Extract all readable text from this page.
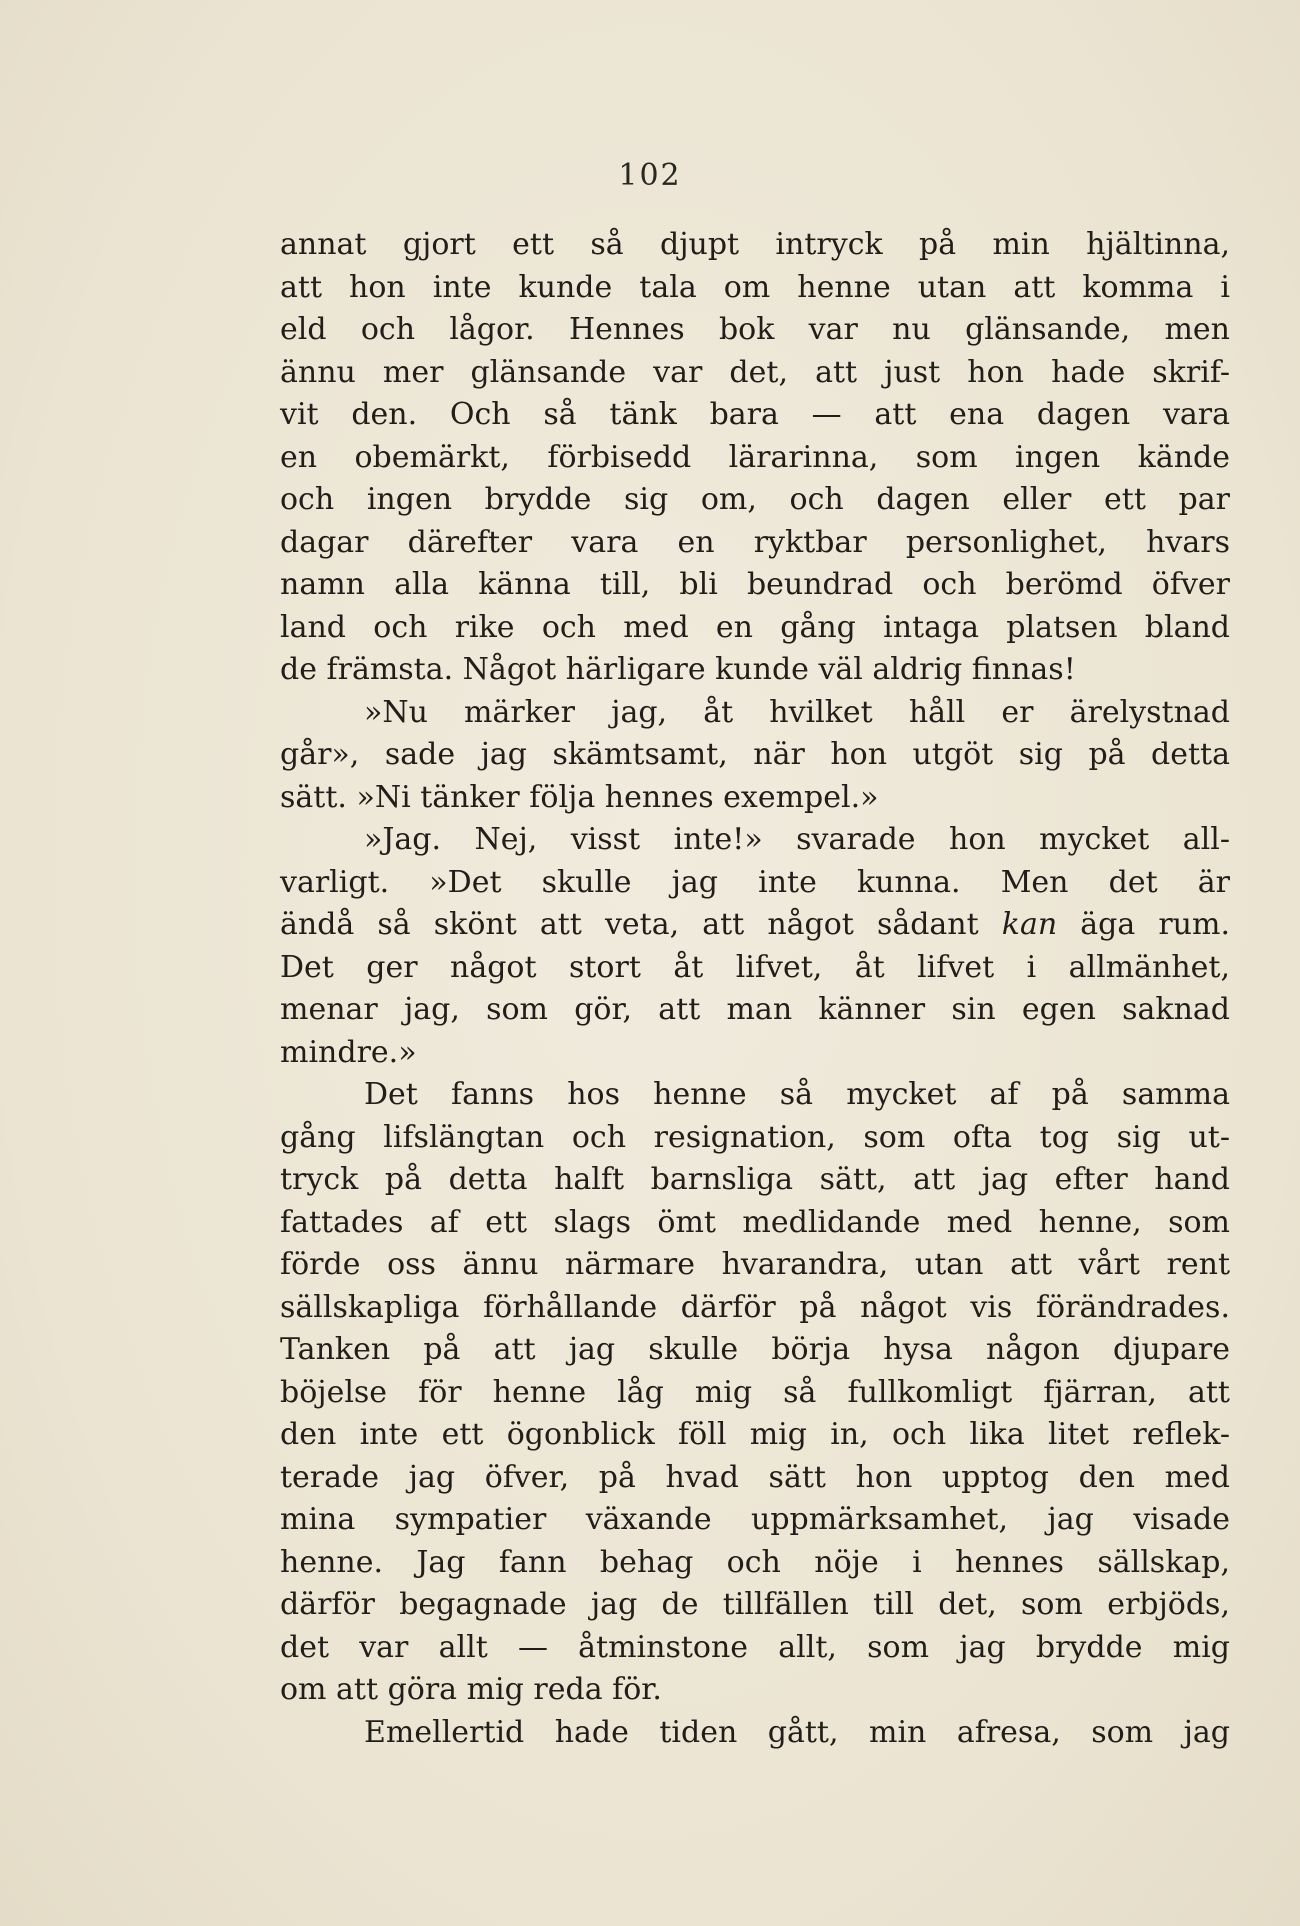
102
annat gjort ett så djupt intryck på min hjältinna,
att hon inte kunde tala om henne utan att komma i
eld och lågor. Hennes bok var nu glänsande, men
ännu mer glänsande var det, att just hon hade skrif-
vit den. Och så tänk bara — att ena dagen vara
en obemärkt, förbisedd lärarinna, som ingen kände
och ingen brydde sig om, och dagen eller ett par
dagar därefter vara en ryktbar personlighet, hvars
namn alla känna till, bli beundrad och berömd öfver
land och rike och med en gång intaga platsen bland
de främsta. Något härligare kunde väl aldrig finnas!
»Nu märker jag, åt hvilket håll er ärelystnad
går», sade jag skämtsamt, när hon utgöt sig på detta
sätt. »Ni tänker följa hennes exempel.»
»Jag. Nej, visst inte!» svarade hon mycket all-
varligt. »Det skulle jag inte kunna. Men det är
ändå så skönt att veta, att något sådant kan äga rum.
Det ger något stort åt lifvet, åt lifvet i allmänhet,
menar jag, som gör, att man känner sin egen saknad
mindre.»
Det fanns hos henne så mycket af på samma
gång lifslängtan och resignation, som ofta tog sig ut-
tryck på detta halft barnsliga sätt, att jag efter hand
fattades af ett slags ömt medlidande med henne, som
förde oss ännu närmare hvarandra, utan att vårt rent
sällskapliga förhållande därför på något vis förändrades.
Tanken på att jag skulle börja hysa någon djupare
böjelse för henne låg mig så fullkomligt fjärran, att
den inte ett ögonblick föll mig in, och lika litet reflek-
terade jag öfver, på hvad sätt hon upptog den med
mina sympatier växande uppmärksamhet, jag visade
henne. Jag fann behag och nöje i hennes sällskap,
därför begagnade jag de tillfällen till det, som erbjöds,
det var allt — åtminstone allt, som jag brydde mig
om att göra mig reda för.
Emellertid hade tiden gått, min afresa, som jag
